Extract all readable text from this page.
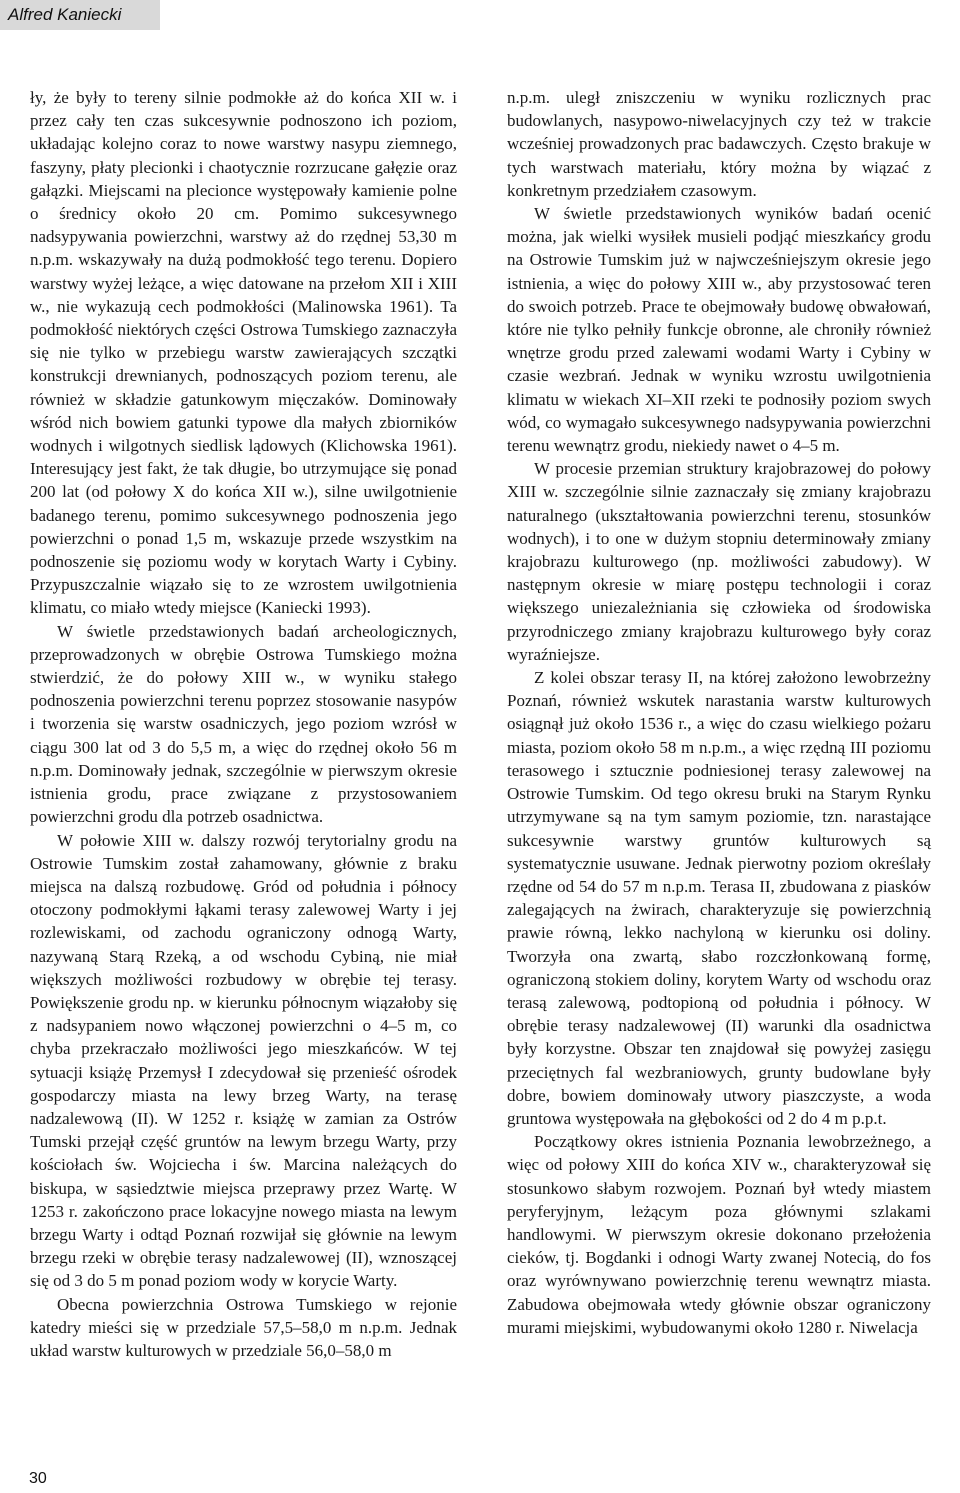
Alfred Kaniecki

ły, że były to tereny silnie podmokłe aż do końca XII w. i przez cały ten czas sukcesywnie podnoszono ich poziom, układając kolejno coraz to nowe warstwy nasypu ziemnego, faszyny, płaty plecionki i chaotycznie rozrzucane gałęzie oraz gałązki. Miejscami na plecionce występowały kamienie polne o średnicy około 20 cm. Pomimo sukcesywnego nadsypywania powierzchni, warstwy aż do rzędnej 53,30 m n.p.m. wskazywały na dużą podmokłość tego terenu. Dopiero warstwy wyżej leżące, a więc datowane na przełom XII i XIII w., nie wykazują cech podmokłości (Malinowska 1961). Ta podmokłość niektórych części Ostrowa Tumskiego zaznaczyła się nie tylko w przebiegu warstw zawierających szczątki konstrukcji drewnianych, podnoszących poziom terenu, ale również w składzie gatunkowym mięczaków. Dominowały wśród nich bowiem gatunki typowe dla małych zbiorników wodnych i wilgotnych siedlisk lądowych (Klichowska 1961). Interesujący jest fakt, że tak długie, bo utrzymujące się ponad 200 lat (od połowy X do końca XII w.), silne uwilgotnienie badanego terenu, pomimo sukcesywnego podnoszenia jego powierzchni o ponad 1,5 m, wskazuje przede wszystkim na podnoszenie się poziomu wody w korytach Warty i Cybiny. Przypuszczalnie wiązało się to ze wzrostem uwilgotnienia klimatu, co miało wtedy miejsce (Kaniecki 1993).

W świetle przedstawionych badań archeologicznych, przeprowadzonych w obrębie Ostrowa Tumskiego można stwierdzić, że do połowy XIII w., w wyniku stałego podnoszenia powierzchni terenu poprzez stosowanie nasypów i tworzenia się warstw osadniczych, jego poziom wzrósł w ciągu 300 lat od 3 do 5,5 m, a więc do rzędnej około 56 m n.p.m. Dominowały jednak, szczególnie w pierwszym okresie istnienia grodu, prace związane z przystosowaniem powierzchni grodu dla potrzeb osadnictwa.

W połowie XIII w. dalszy rozwój terytorialny grodu na Ostrowie Tumskim został zahamowany, głównie z braku miejsca na dalszą rozbudowę. Gród od południa i północy otoczony podmokłymi łąkami terasy zalewowej Warty i jej rozlewiskami, od zachodu ograniczony odnogą Warty, nazywaną Starą Rzeką, a od wschodu Cybiną, nie miał większych możliwości rozbudowy w obrębie tej terasy. Powiększenie grodu np. w kierunku północnym wiązałoby się z nadsypaniem nowo włączonej powierzchni o 4–5 m, co chyba przekraczało możliwości jego mieszkańców. W tej sytuacji książę Przemysł I zdecydował się przenieść ośrodek gospodarczy miasta na lewy brzeg Warty, na terasę nadzalewową (II). W 1252 r. książę w zamian za Ostrów Tumski przejął część gruntów na lewym brzegu Warty, przy kościołach św. Wojciecha i św. Marcina należących do biskupa, w sąsiedztwie miejsca przeprawy przez Wartę. W 1253 r. zakończono prace lokacyjne nowego miasta na lewym brzegu Warty i odtąd Poznań rozwijał się głównie na lewym brzegu rzeki w obrębie terasy nadzalewowej (II), wznoszącej się od 3 do 5 m ponad poziom wody w korycie Warty.

Obecna powierzchnia Ostrowa Tumskiego w rejonie katedry mieści się w przedziale 57,5–58,0 m n.p.m. Jednak układ warstw kulturowych w przedziale 56,0–58,0 m

n.p.m. uległ zniszczeniu w wyniku rozlicznych prac budowlanych, nasypowo-niwelacyjnych czy też w trakcie wcześniej prowadzonych prac badawczych. Często brakuje w tych warstwach materiału, który można by wiązać z konkretnym przedziałem czasowym.

W świetle przedstawionych wyników badań ocenić można, jak wielki wysiłek musieli podjąć mieszkańcy grodu na Ostrowie Tumskim już w najwcześniejszym okresie jego istnienia, a więc do połowy XIII w., aby przystosować teren do swoich potrzeb. Prace te obejmowały budowę obwałowań, które nie tylko pełniły funkcje obronne, ale chroniły również wnętrze grodu przed zalewami wodami Warty i Cybiny w czasie wezbrań. Jednak w wyniku wzrostu uwilgotnienia klimatu w wiekach XI–XII rzeki te podnosiły poziom swych wód, co wymagało sukcesywnego nadsypywania powierzchni terenu wewnątrz grodu, niekiedy nawet o 4–5 m.

W procesie przemian struktury krajobrazowej do połowy XIII w. szczególnie silnie zaznaczały się zmiany krajobrazu naturalnego (ukształtowania powierzchni terenu, stosunków wodnych), i to one w dużym stopniu determinowały zmiany krajobrazu kulturowego (np. możliwości zabudowy). W następnym okresie w miarę postępu technologii i coraz większego uniezależniania się człowieka od środowiska przyrodniczego zmiany krajobrazu kulturowego były coraz wyraźniejsze.

Z kolei obszar terasy II, na której założono lewobrzeżny Poznań, również wskutek narastania warstw kulturowych osiągnął już około 1536 r., a więc do czasu wielkiego pożaru miasta, poziom około 58 m n.p.m., a więc rzędną III poziomu terasowego i sztucznie podniesionej terasy zalewowej na Ostrowie Tumskim. Od tego okresu bruki na Starym Rynku utrzymywane są na tym samym poziomie, tzn. narastające sukcesywnie warstwy gruntów kulturowych są systematycznie usuwane. Jednak pierwotny poziom określały rzędne od 54 do 57 m n.p.m. Terasa II, zbudowana z piasków zalegających na żwirach, charakteryzuje się powierzchnią prawie równą, lekko nachyloną w kierunku osi doliny. Tworzyła ona zwartą, słabo rozczłonkowaną formę, ograniczoną stokiem doliny, korytem Warty od wschodu oraz terasą zalewową, podtopioną od południa i północy. W obrębie terasy nadzalewowej (II) warunki dla osadnictwa były korzystne. Obszar ten znajdował się powyżej zasięgu przeciętnych fal wezbraniowych, grunty budowlane były dobre, bowiem dominowały utwory piaszczyste, a woda gruntowa występowała na głębokości od 2 do 4 m p.p.t.

Początkowy okres istnienia Poznania lewobrzeżnego, a więc od połowy XIII do końca XIV w., charakteryzował się stosunkowo słabym rozwojem. Poznań był wtedy miastem peryferyjnym, leżącym poza głównymi szlakami handlowymi. W pierwszym okresie dokonano przełożenia cieków, tj. Bogdanki i odnogi Warty zwanej Notecią, do fos oraz wyrównywano powierzchnię terenu wewnątrz miasta. Zabudowa obejmowała wtedy głównie obszar ograniczony murami miejskimi, wybudowanymi około 1280 r. Niwelacja

30
